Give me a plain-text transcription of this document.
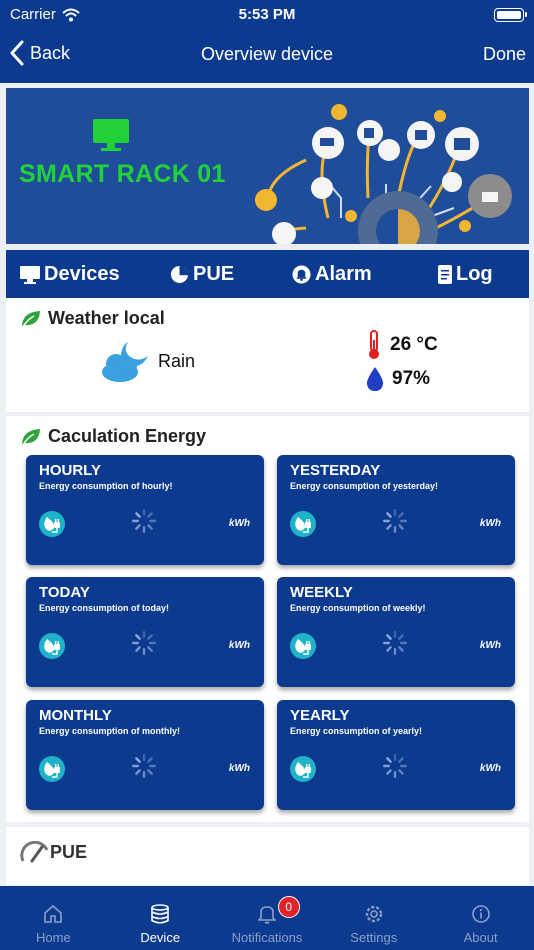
Carrier	5:53 PM
Back	Overview device	Done
SMART RACK 01
Devices	PUE	Alarm	Log
Weather local
Rain
26 °C
97%
Caculation Energy
HOURLY
Energy consumption of hourly!
kWh
YESTERDAY
Energy consumption of yesterday!
kWh
TODAY
Energy consumption of today!
kWh
WEEKLY
Energy consumption of weekly!
kWh
MONTHLY
Energy consumption of monthly!
kWh
YEARLY
Energy consumption of yearly!
kWh
PUE
Home	Device	Notifications
0
Settings	About
